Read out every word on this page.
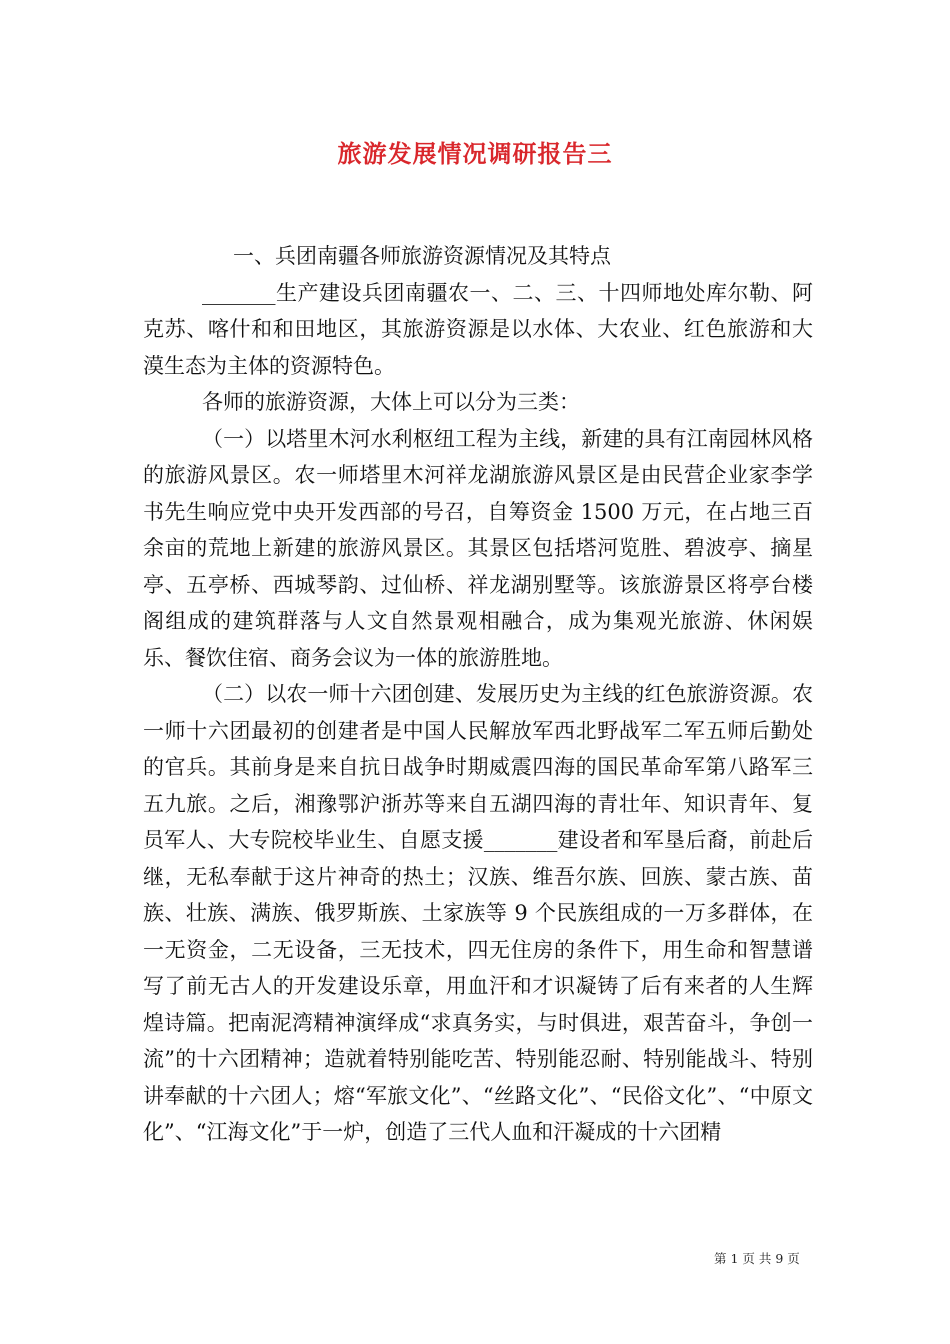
旅游发展情况调研报告三

一、兵团南疆各师旅游资源情况及其特点

_______生产建设兵团南疆农一、二、三、十四师地处库尔勒、阿克苏、喀什和和田地区，其旅游资源是以水体、大农业、红色旅游和大漠生态为主体的资源特色。

各师的旅游资源，大体上可以分为三类：

（一）以塔里木河水利枢纽工程为主线，新建的具有江南园林风格的旅游风景区。农一师塔里木河祥龙湖旅游风景区是由民营企业家李学书先生响应党中央开发西部的号召，自筹资金 1500 万元，在占地三百余亩的荒地上新建的旅游风景区。其景区包括塔河览胜、碧波亭、摘星亭、五亭桥、西城琴韵、过仙桥、祥龙湖别墅等。该旅游景区将亭台楼阁组成的建筑群落与人文自然景观相融合，成为集观光旅游、休闲娱乐、餐饮住宿、商务会议为一体的旅游胜地。

（二）以农一师十六团创建、发展历史为主线的红色旅游资源。农一师十六团最初的创建者是中国人民解放军西北野战军二军五师后勤处的官兵。其前身是来自抗日战争时期威震四海的国民革命军第八路军三五九旅。之后，湘豫鄂沪浙苏等来自五湖四海的青壮年、知识青年、复员军人、大专院校毕业生、自愿支援_______建设者和军垦后裔，前赴后继，无私奉献于这片神奇的热土；汉族、维吾尔族、回族、蒙古族、苗族、壮族、满族、俄罗斯族、土家族等 9 个民族组成的一万多群体，在一无资金，二无设备，三无技术，四无住房的条件下，用生命和智慧谱写了前无古人的开发建设乐章，用血汗和才识凝铸了后有来者的人生辉煌诗篇。把南泥湾精神演绎成“求真务实，与时俱进，艰苦奋斗，争创一流”的十六团精神；造就着特别能吃苦、特别能忍耐、特别能战斗、特别讲奉献的十六团人；熔“军旅文化”、“丝路文化”、“民俗文化”、“中原文化”、“江海文化”于一炉，创造了三代人血和汗凝成的十六团精

第 1 页 共 9 页
